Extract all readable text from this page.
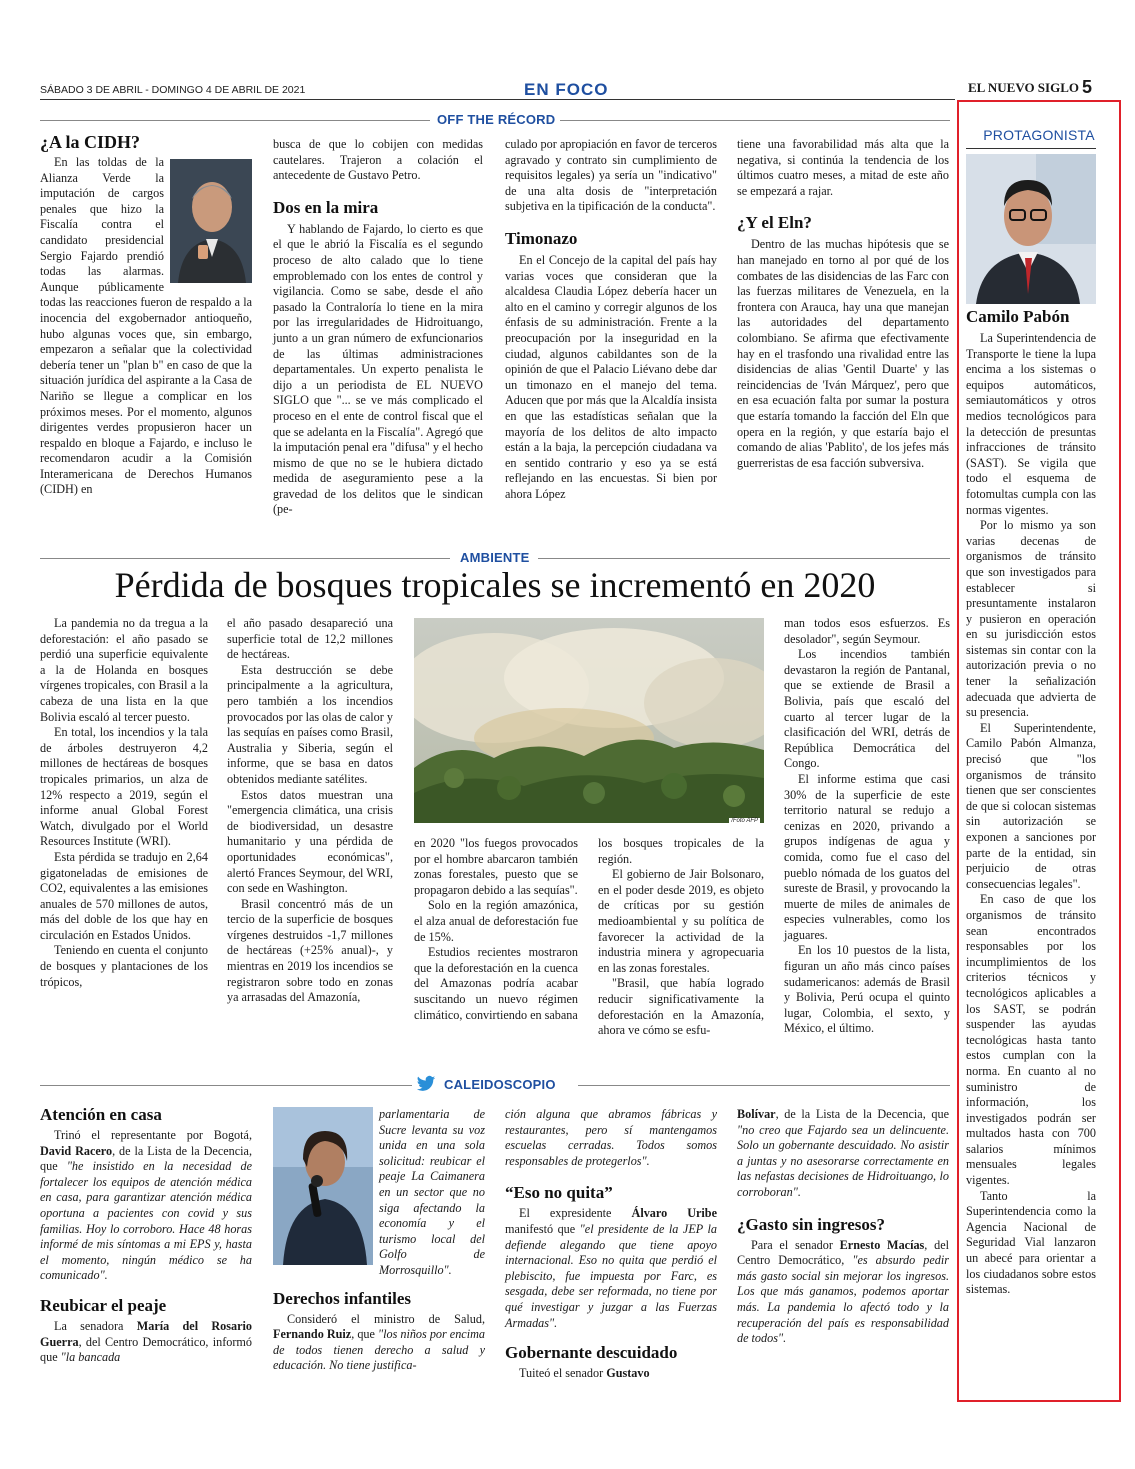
SÁBADO 3 DE ABRIL - DOMINGO 4 DE ABRIL DE 2021	EN FOCO	EL NUEVO SIGLO 5
OFF THE RÉCORD
¿A la CIDH?

En las toldas de la Alianza Verde la imputación de cargos penales que hizo la Fiscalía contra el candidato presidencial Sergio Fajardo prendió todas las alarmas. Aunque públicamente todas las reacciones fueron de respaldo a la inocencia del exgobernador antioqueño, hubo algunas voces que, sin embargo, empezaron a señalar que la colectividad debería tener un "plan b" en caso de que la situación jurídica del aspirante a la Casa de Nariño se llegue a complicar en los próximos meses. Por el momento, algunos dirigentes verdes propusieron hacer un respaldo en bloque a Fajardo, e incluso le recomendaron acudir a la Comisión Interamericana de Derechos Humanos (CIDH) en

busca de que lo cobijen con medidas cautelares. Trajeron a colación el antecedente de Gustavo Petro.

Dos en la mira

Y hablando de Fajardo, lo cierto es que el que le abrió la Fiscalía es el segundo proceso de alto calado que lo tiene emproblemado con los entes de control y vigilancia. Como se sabe, desde el año pasado la Contraloría lo tiene en la mira por las irregularidades de Hidroituango, junto a un gran número de exfuncionarios de las últimas administraciones departamentales. Un experto penalista le dijo a un periodista de EL NUEVO SIGLO que "... se ve más complicado el proceso en el ente de control fiscal que el que se adelanta en la Fiscalía". Agregó que la imputación penal era "difusa" y el hecho mismo de que no se le hubiera dictado medida de aseguramiento pese a la gravedad de los delitos que le sindican (pe-

culado por apropiación en favor de terceros agravado y contrato sin cumplimiento de requisitos legales) ya sería un "indicativo" de una alta dosis de "interpretación subjetiva en la tipificación de la conducta".

Timonazo

En el Concejo de la capital del país hay varias voces que consideran que la alcaldesa Claudia López debería hacer un alto en el camino y corregir algunos de los énfasis de su administración. Frente a la preocupación por la inseguridad en la ciudad, algunos cabildantes son de la opinión de que el Palacio Liévano debe dar un timonazo en el manejo del tema. Aducen que por más que la Alcaldía insista en que las estadísticas señalan que la mayoría de los delitos de alto impacto están a la baja, la percepción ciudadana va en sentido contrario y eso ya se está reflejando en las encuestas. Si bien por ahora López

tiene una favorabilidad más alta que la negativa, si continúa la tendencia de los últimos cuatro meses, a mitad de este año se empezará a rajar.

¿Y el Eln?

Dentro de las muchas hipótesis que se han manejado en torno al por qué de los combates de las disidencias de las Farc con las fuerzas militares de Venezuela, en la frontera con Arauca, hay una que manejan las autoridades del departamento colombiano. Se afirma que efectivamente hay en el trasfondo una rivalidad entre las disidencias de alias 'Gentil Duarte' y las reincidencias de 'Iván Márquez', pero que en esa ecuación falta por sumar la postura que estaría tomando la facción del Eln que opera en la región, y que estaría bajo el comando de alias 'Pablito', de los jefes más guerreristas de esa facción subversiva.

AMBIENTE
Pérdida de bosques tropicales se incrementó en 2020

La pandemia no da tregua a la deforestación: el año pasado se perdió una superficie equivalente a la de Holanda en bosques vírgenes tropicales, con Brasil a la cabeza de una lista en la que Bolivia escaló al tercer puesto.

En total, los incendios y la tala de árboles destruyeron 4,2 millones de hectáreas de bosques tropicales primarios, un alza de 12% respecto a 2019, según el informe anual Global Forest Watch, divulgado por el World Resources Institute (WRI).

Esta pérdida se tradujo en 2,64 gigatoneladas de emisiones de CO2, equivalentes a las emisiones anuales de 570 millones de autos, más del doble de los que hay en circulación en Estados Unidos.

Teniendo en cuenta el conjunto de bosques y plantaciones de los trópicos,

el año pasado desapareció una superficie total de 12,2 millones de hectáreas.

Esta destrucción se debe principalmente a la agricultura, pero también a los incendios provocados por las olas de calor y las sequías en países como Brasil, Australia y Siberia, según el informe, que se basa en datos obtenidos mediante satélites.

Estos datos muestran una "emergencia climática, una crisis de biodiversidad, un desastre humanitario y una pérdida de oportunidades económicas", alertó Frances Seymour, del WRI, con sede en Washington.

Brasil concentró más de un tercio de la superficie de bosques vírgenes destruidos -1,7 millones de hectáreas (+25% anual)-, y mientras en 2019 los incendios se registraron sobre todo en zonas ya arrasadas del Amazonía,

/Foto AFP

en 2020 "los fuegos provocados por el hombre abarcaron también zonas forestales, puesto que se propagaron debido a las sequías".

Solo en la región amazónica, el alza anual de deforestación fue de 15%.

Estudios recientes mostraron que la deforestación en la cuenca del Amazonas podría acabar suscitando un nuevo régimen climático, convirtiendo en sabana

los bosques tropicales de la región.

El gobierno de Jair Bolsonaro, en el poder desde 2019, es objeto de críticas por su gestión medioambiental y su política de favorecer la actividad de la industria minera y agropecuaria en las zonas forestales.

"Brasil, que había logrado reducir significativamente la deforestación en la Amazonía, ahora ve cómo se esfu-

man todos esos esfuerzos. Es desolador", según Seymour.

Los incendios también devastaron la región de Pantanal, que se extiende de Brasil a Bolivia, país que escaló del cuarto al tercer lugar de la clasificación del WRI, detrás de República Democrática del Congo.

El informe estima que casi 30% de la superficie de este territorio natural se redujo a cenizas en 2020, privando a grupos indígenas de agua y comida, como fue el caso del pueblo nómada de los guatos del sureste de Brasil, y provocando la muerte de miles de animales de especies vulnerables, como los jaguares.

En los 10 puestos de la lista, figuran un año más cinco países sudamericanos: además de Brasil y Bolivia, Perú ocupa el quinto lugar, Colombia, el sexto, y México, el último.

CALEIDOSCOPIO
Atención en casa

Trinó el representante por Bogotá, David Racero, de la Lista de la Decencia, que "he insistido en la necesidad de fortalecer los equipos de atención médica en casa, para garantizar atención médica oportuna a pacientes con covid y sus familias. Hoy lo corroboro. Hace 48 horas informé de mis síntomas a mi EPS y, hasta el momento, ningún médico se ha comunicado".

Reubicar el peaje

La senadora María del Rosario Guerra, del Centro Democrático, informó que "la bancada

parlamentaria de Sucre levanta su voz unida en una sola solicitud: reubicar el peaje La Caimanera en un sector que no siga afectando la economía y el turismo local del Golfo de Morrosquillo".

Derechos infantiles

Consideró el ministro de Salud, Fernando Ruiz, que "los niños por encima de todos tienen derecho a salud y educación. No tiene justifica-

ción alguna que abramos fábricas y restaurantes, pero sí mantengamos escuelas cerradas. Todos somos responsables de protegerlos".

“Eso no quita”

El expresidente Álvaro Uribe manifestó que "el presidente de la JEP la defiende alegando que tiene apoyo internacional. Eso no quita que perdió el plebiscito, fue impuesta por Farc, es sesgada, debe ser reformada, no tiene por qué investigar y juzgar a las Fuerzas Armadas".

Gobernante descuidado

Tuiteó el senador Gustavo

Bolívar, de la Lista de la Decencia, que "no creo que Fajardo sea un delincuente. Solo un gobernante descuidado. No asistir a juntas y no asesorarse correctamente en las nefastas decisiones de Hidroituango, lo corroboran".

¿Gasto sin ingresos?

Para el senador Ernesto Macías, del Centro Democrático, "es absurdo pedir más gasto social sin mejorar los ingresos. Los que más ganamos, podemos aportar más. La pandemia lo afectó todo y la recuperación del país es responsabilidad de todos".

PROTAGONISTA
Camilo Pabón

La Superintendencia de Transporte le tiene la lupa encima a los sistemas o equipos automáticos, semiautomáticos y otros medios tecnológicos para la detección de presuntas infracciones de tránsito (SAST). Se vigila que todo el esquema de fotomultas cumpla con las normas vigentes.

Por lo mismo ya son varias decenas de organismos de tránsito que son investigados para establecer si presuntamente instalaron y pusieron en operación en su jurisdicción estos sistemas sin contar con la autorización previa o no tener la señalización adecuada que advierta de su presencia.

El Superintendente, Camilo Pabón Almanza, precisó que "los organismos de tránsito tienen que ser conscientes de que si colocan sistemas sin autorización se exponen a sanciones por parte de la entidad, sin perjuicio de otras consecuencias legales".

En caso de que los organismos de tránsito sean encontrados responsables por los incumplimientos de los criterios técnicos y tecnológicos aplicables a los SAST, se podrán suspender las ayudas tecnológicas hasta tanto estos cumplan con la norma. En cuanto al no suministro de información, los investigados podrán ser multados hasta con 700 salarios mínimos mensuales legales vigentes.

Tanto la Superintendencia como la Agencia Nacional de Seguridad Vial lanzaron un abecé para orientar a los ciudadanos sobre estos sistemas.
